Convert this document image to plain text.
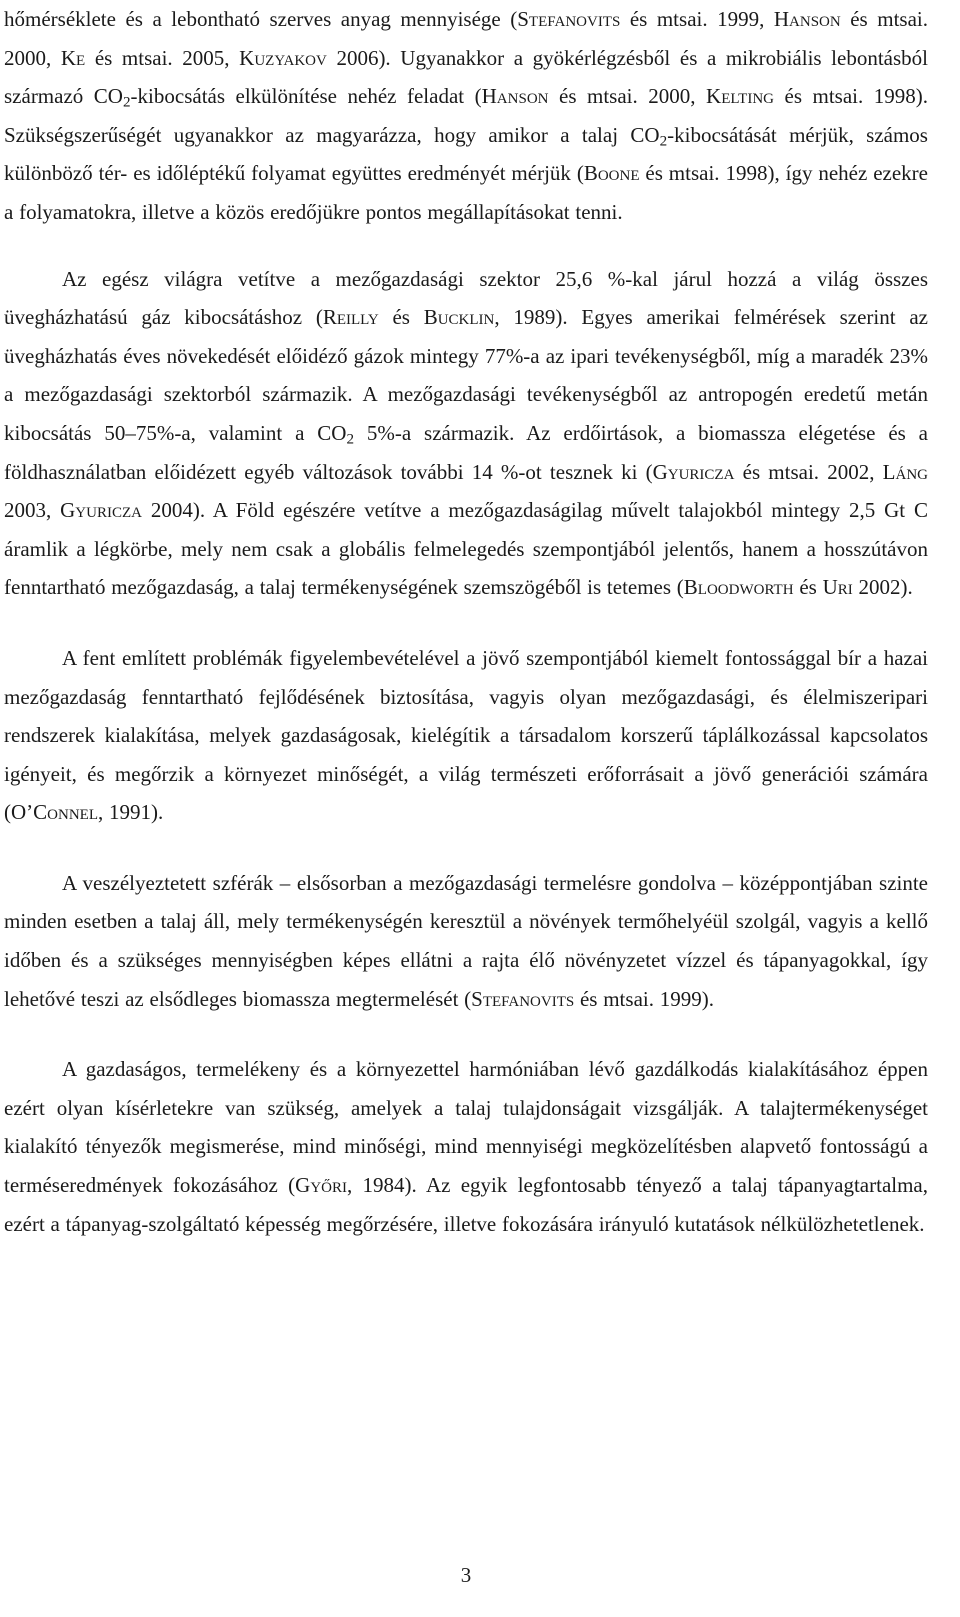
hőmérséklete és a lebontható szerves anyag mennyisége (Stefanovits és mtsai. 1999, Hanson és mtsai. 2000, Ke és mtsai. 2005, Kuzyakov 2006). Ugyanakkor a gyökérlégzésből és a mikrobiális lebontásból származó $CO_2$-kibocsátás elkülönítése nehéz feladat (Hanson és mtsai. 2000, Kelting és mtsai. 1998). Szükségszerűségét ugyanakkor az magyarázza, hogy amikor a talaj $CO_2$-kibocsátását mérjük, számos különböző tér- es időléptékű folyamat együttes eredményét mérjük (Boone és mtsai. 1998), így nehéz ezekre a folyamatokra, illetve a közös eredőjükre pontos megállapításokat tenni.

Az egész világra vetítve a mezőgazdasági szektor 25,6 %-kal járul hozzá a világ összes üvegházhatású gáz kibocsátáshoz (Reilly és Bucklin, 1989). Egyes amerikai felmérések szerint az üvegházhatás éves növekedését előidéző gázok mintegy 77%-a az ipari tevékenységből, míg a maradék 23% a mezőgazdasági szektorból származik. A mezőgazdasági tevékenységből az antropogén eredetű metán kibocsátás 50–75%-a, valamint a $CO_2$ 5%-a származik. Az erdőirtások, a biomassza elégetése és a földhasználatban előidézett egyéb változások további 14 %-ot tesznek ki (Gyuricza és mtsai. 2002, Láng 2003, Gyuricza 2004). A Föld egészére vetítve a mezőgazdaságilag művelt talajokból mintegy 2,5 Gt C áramlik a légkörbe, mely nem csak a globális felmelegedés szempontjából jelentős, hanem a hosszútávon fenntartható mezőgazdaság, a talaj termékenységének szemszögéből is tetemes (Bloodworth és Uri 2002).

A fent említett problémák figyelembevételével a jövő szempontjából kiemelt fontossággal bír a hazai mezőgazdaság fenntartható fejlődésének biztosítása, vagyis olyan mezőgazdasági, és élelmiszeripari rendszerek kialakítása, melyek gazdaságosak, kielégítik a társadalom korszerű táplálkozással kapcsolatos igényeit, és megőrzik a környezet minőségét, a világ természeti erőforrásait a jövő generációi számára (O’Connel, 1991).

A veszélyeztetett szférák – elsősorban a mezőgazdasági termelésre gondolva – középpontjában szinte minden esetben a talaj áll, mely termékenységén keresztül a növények termőhelyéül szolgál, vagyis a kellő időben és a szükséges mennyiségben képes ellátni a rajta élő növényzetet vízzel és tápanyagokkal, így lehetővé teszi az elsődleges biomassza megtermelését (Stefanovits és mtsai. 1999).

A gazdaságos, termelékeny és a környezettel harmóniában lévő gazdálkodás kialakításához éppen ezért olyan kísérletekre van szükség, amelyek a talaj tulajdonságait vizsgálják. A talajtermékenységet kialakító tényezők megismerése, mind minőségi, mind mennyiségi megközelítésben alapvető fontosságú a terméseredmények fokozásához (Győri, 1984). Az egyik legfontosabb tényező a talaj tápanyagtartalma, ezért a tápanyag-szolgáltató képesség megőrzésére, illetve fokozására irányuló kutatások nélkülözhetetlenek.

3
